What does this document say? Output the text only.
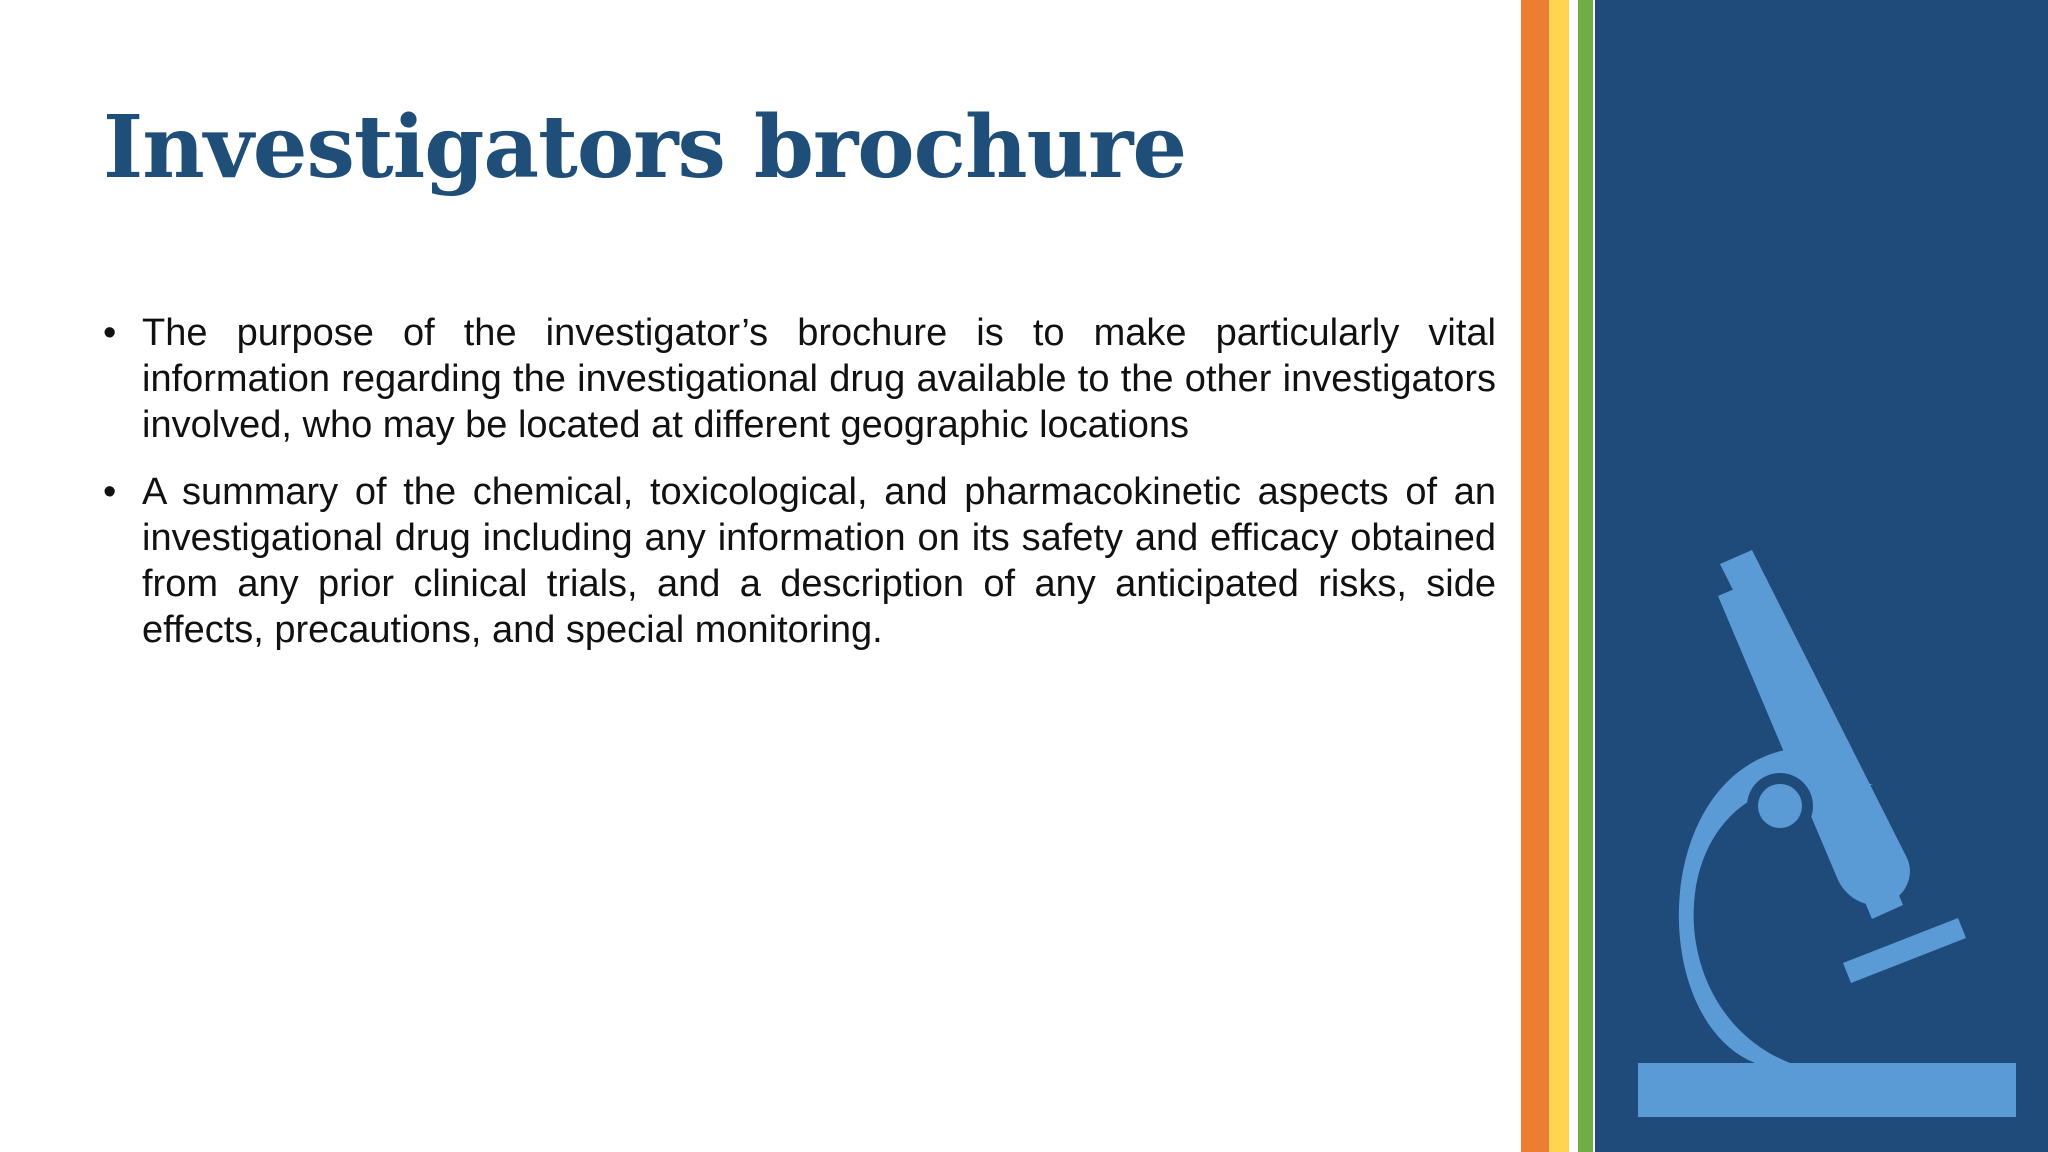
Investigators brochure
• The purpose of the investigator’s brochure is to make particularly vital information regarding the investigational drug available to the other investigators involved, who may be located at different geographic locations
• A summary of the chemical, toxicological, and pharmacokinetic aspects of an investigational drug including any information on its safety and efficacy obtained from any prior clinical trials, and a description of any anticipated risks, side effects, precautions, and special monitoring.
